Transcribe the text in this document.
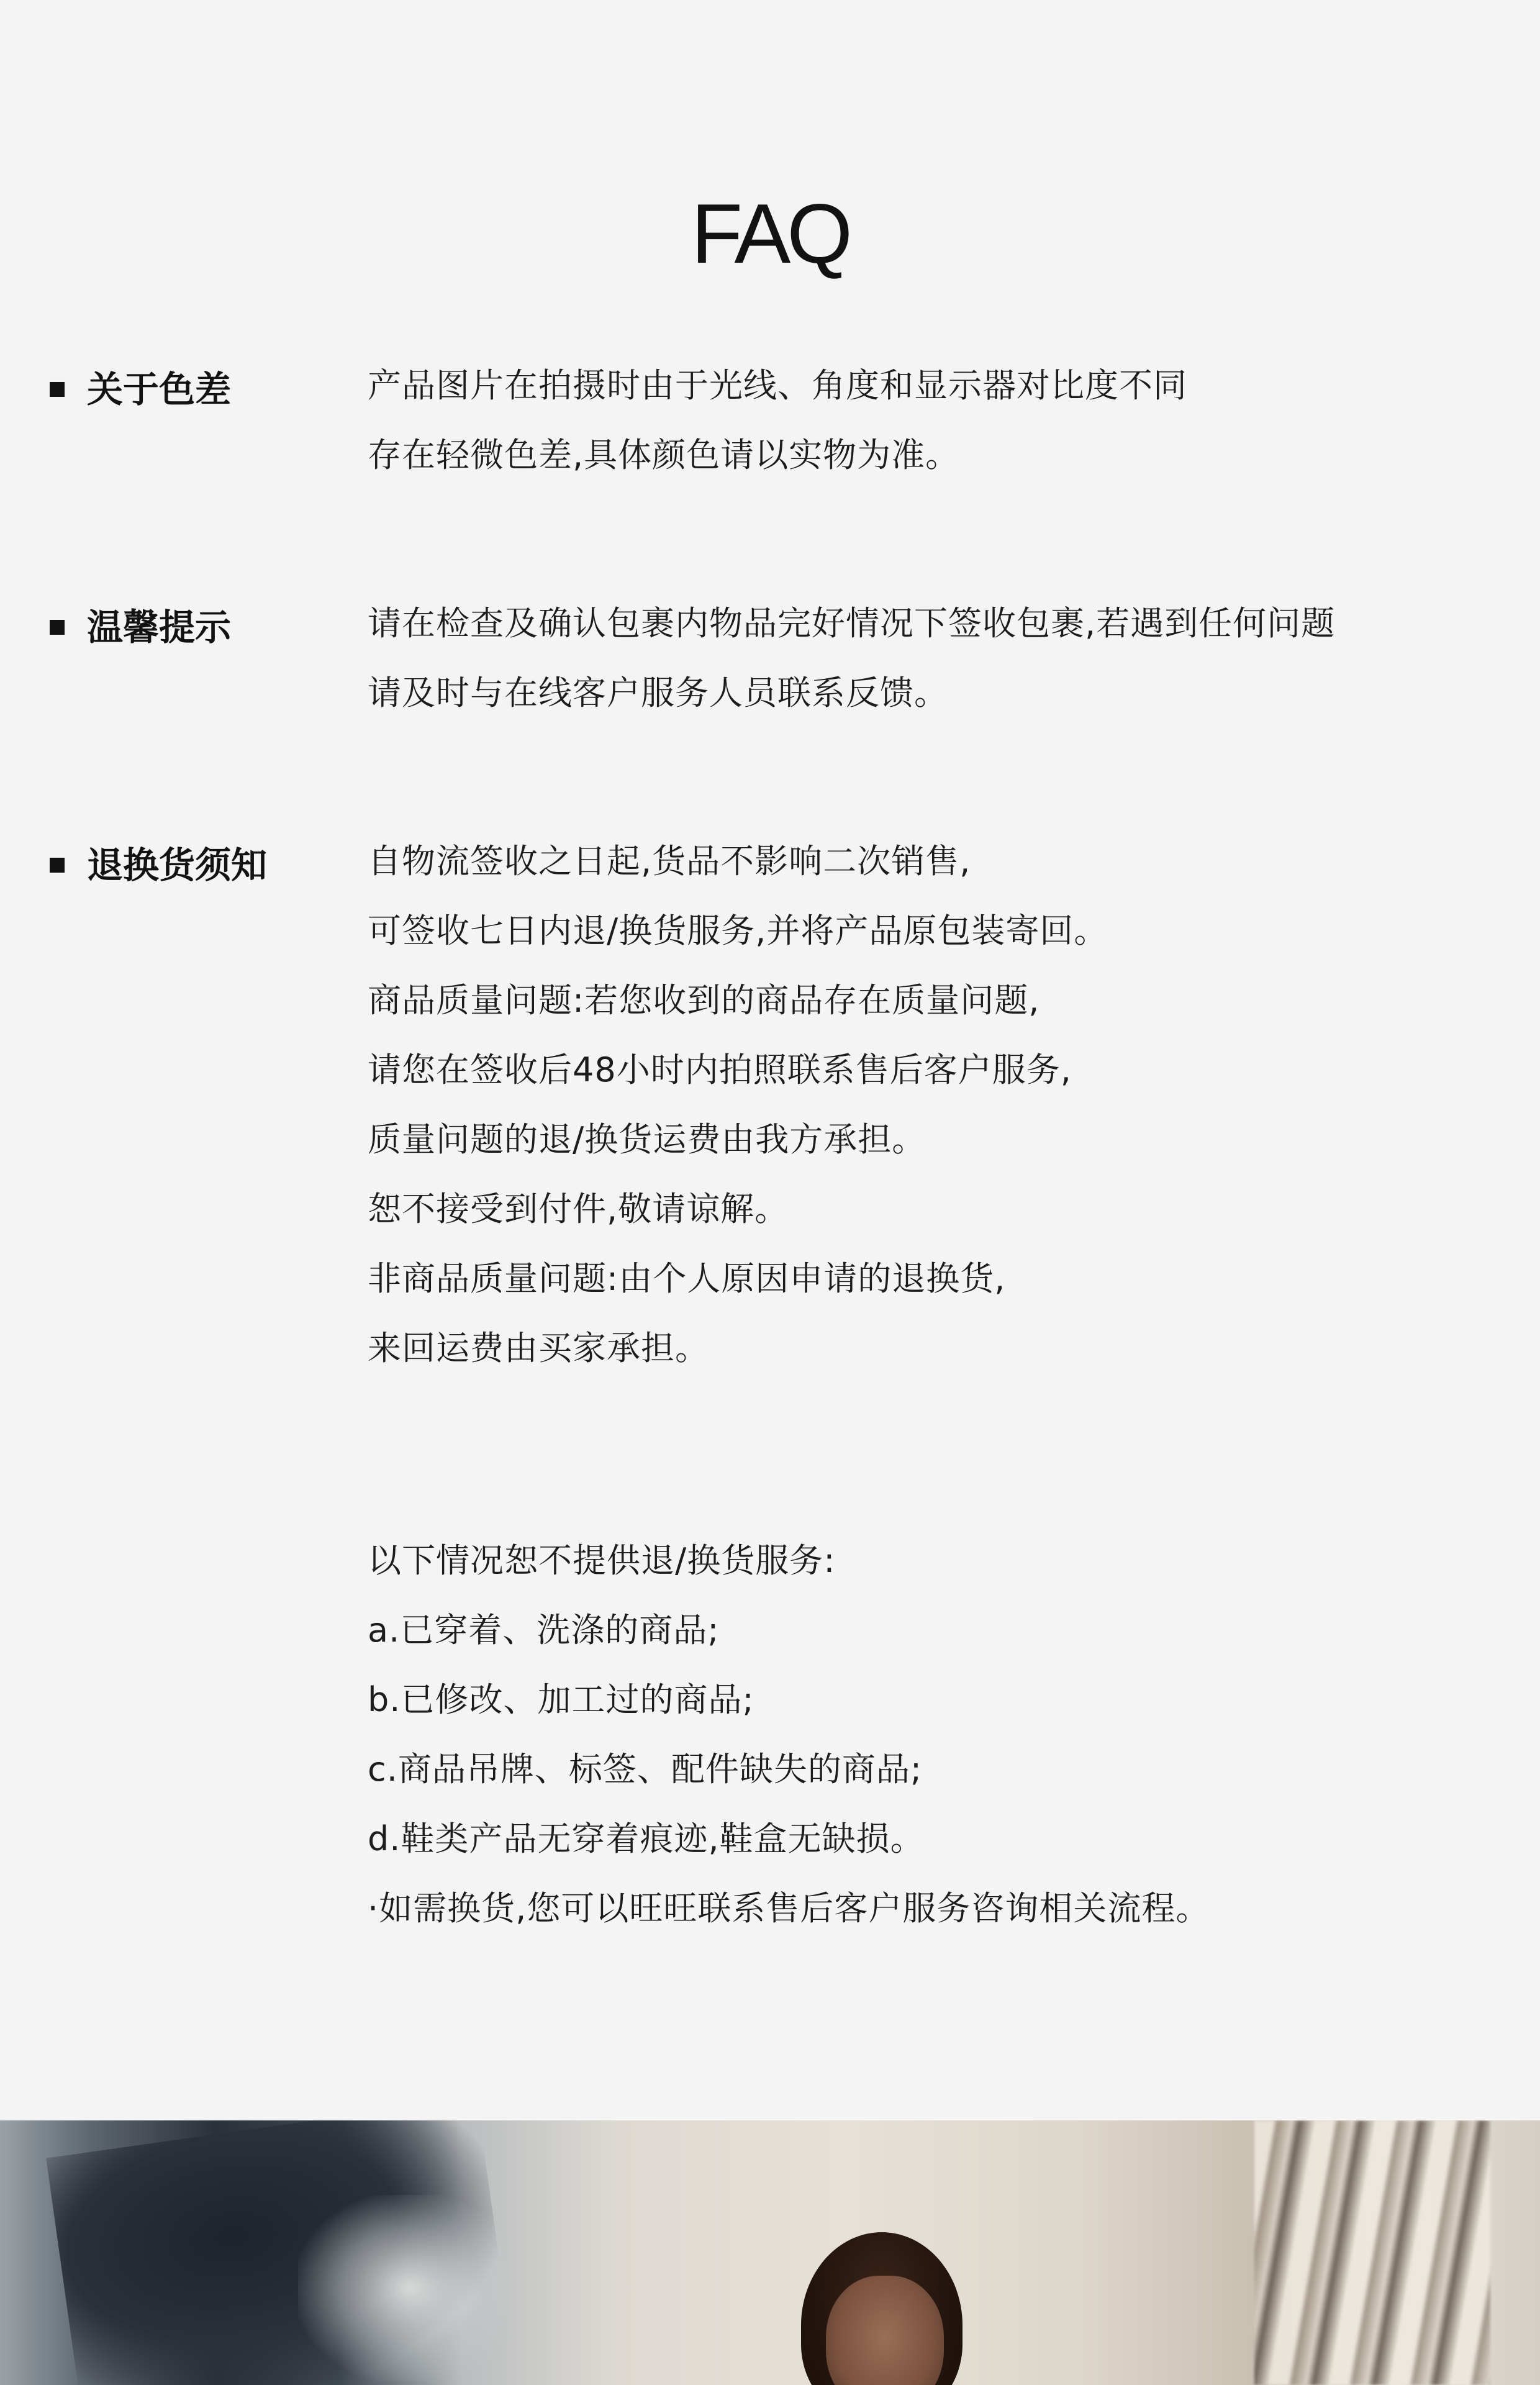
FAQ
关于色差	产品图片在拍摄时由于光线、角度和显示器对比度不同
存在轻微色差,具体颜色请以实物为准。
温馨提示	请在检查及确认包裹内物品完好情况下签收包裹,若遇到任何问题
请及时与在线客户服务人员联系反馈。
退换货须知	自物流签收之日起,货品不影响二次销售,
可签收七日内退/换货服务,并将产品原包装寄回。
商品质量问题:若您收到的商品存在质量问题,
请您在签收后48小时内拍照联系售后客户服务,
质量问题的退/换货运费由我方承担。
恕不接受到付件,敬请谅解。
非商品质量问题:由个人原因申请的退换货,
来回运费由买家承担。
以下情况恕不提供退/换货服务:
a.已穿着、洗涤的商品;
b.已修改、加工过的商品;
c.商品吊牌、标签、配件缺失的商品;
d.鞋类产品无穿着痕迹,鞋盒无缺损。
·如需换货,您可以旺旺联系售后客户服务咨询相关流程。
